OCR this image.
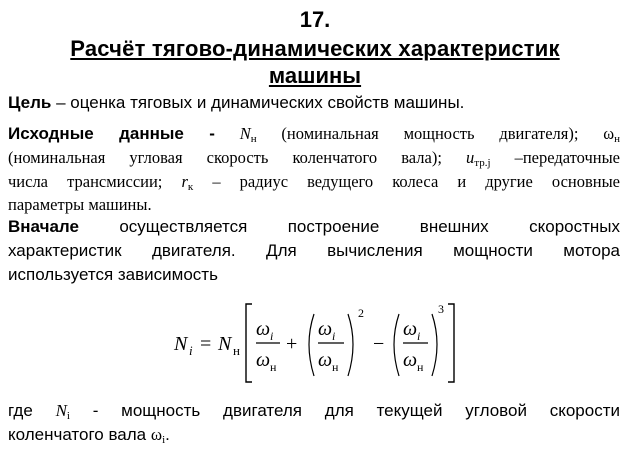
17.
Расчёт тягово-динамических характеристик
машины
Цель – оценка тяговых и динамических свойств машины.
Исходные данные - $N_н$ (номинальная мощность двигателя); $\omega_н$
(номинальная угловая скорость коленчатого вала); $u_{тр.j}$ –передаточные
числа трансмиссии; $r_к$ – радиус ведущего колеса и другие основные
параметры машины.
Вначале осуществляется построение внешних скоростных
характеристик двигателя. Для вычисления мощности мотора
используется зависимость
N i = N н
ω i
ω н
+
ω i
ω н
2
−
ω i
ω н
3
где $N_i$ - мощность двигателя для текущей угловой скорости
коленчатого вала $\omega_i$.
